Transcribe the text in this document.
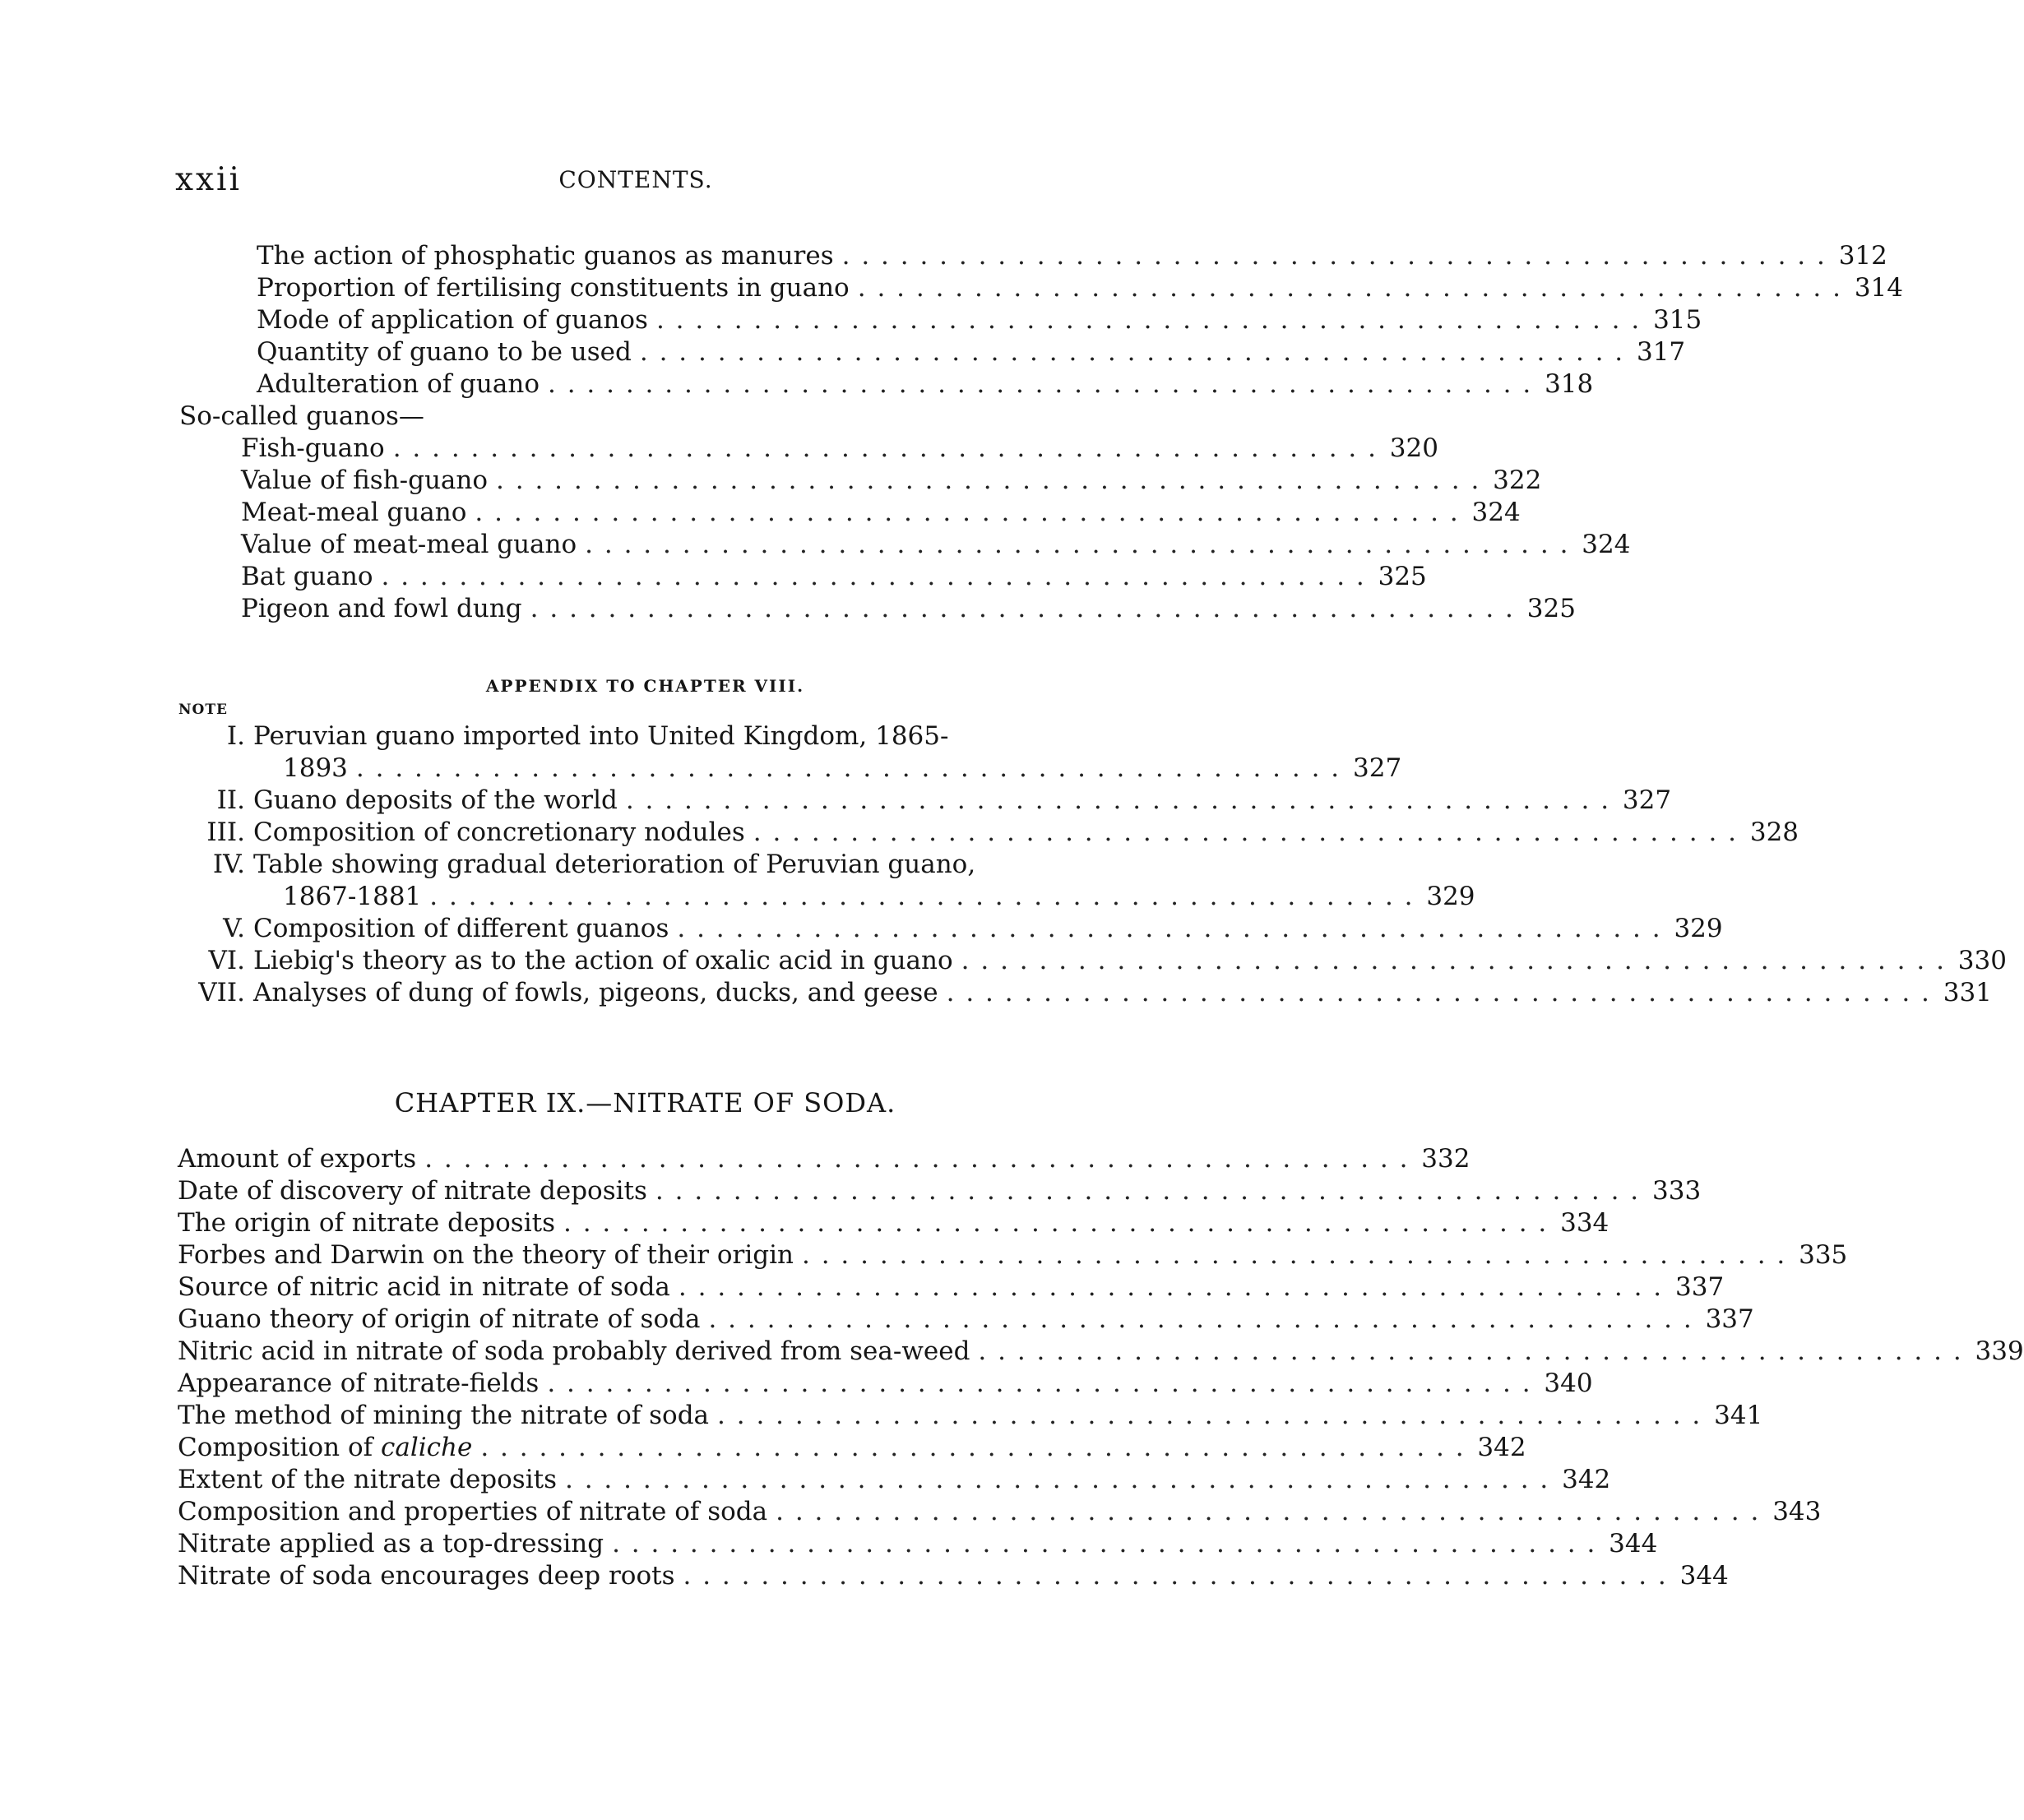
xxii	CONTENTS.
The action of phosphatic guanos as manures . . . . . . . . . . . . . . . . . . . . . . . . . . . . . . . . . . . . . . . . . . . . . . . . . . . 312
Proportion of fertilising constituents in guano . . . . . . . . . . . . . . . . . . . . . . . . . . . . . . . . . . . . . . . . . . . . . . . . . . . 314
Mode of application of guanos . . . . . . . . . . . . . . . . . . . . . . . . . . . . . . . . . . . . . . . . . . . . . . . . . . . 315
Quantity of guano to be used . . . . . . . . . . . . . . . . . . . . . . . . . . . . . . . . . . . . . . . . . . . . . . . . . . . 317
Adulteration of guano . . . . . . . . . . . . . . . . . . . . . . . . . . . . . . . . . . . . . . . . . . . . . . . . . . . 318
So-called guanos—
Fish-guano . . . . . . . . . . . . . . . . . . . . . . . . . . . . . . . . . . . . . . . . . . . . . . . . . . . 320
Value of fish-guano . . . . . . . . . . . . . . . . . . . . . . . . . . . . . . . . . . . . . . . . . . . . . . . . . . . 322
Meat-meal guano . . . . . . . . . . . . . . . . . . . . . . . . . . . . . . . . . . . . . . . . . . . . . . . . . . . 324
Value of meat-meal guano . . . . . . . . . . . . . . . . . . . . . . . . . . . . . . . . . . . . . . . . . . . . . . . . . . . 324
Bat guano . . . . . . . . . . . . . . . . . . . . . . . . . . . . . . . . . . . . . . . . . . . . . . . . . . . 325
Pigeon and fowl dung . . . . . . . . . . . . . . . . . . . . . . . . . . . . . . . . . . . . . . . . . . . . . . . . . . . 325
APPENDIX TO CHAPTER VIII.
NOTE
I. Peruvian guano imported into United Kingdom, 1865-
1893 . . . . . . . . . . . . . . . . . . . . . . . . . . . . . . . . . . . . . . . . . . . . . . . . . . . 327
II. Guano deposits of the world . . . . . . . . . . . . . . . . . . . . . . . . . . . . . . . . . . . . . . . . . . . . . . . . . . . 327
III. Composition of concretionary nodules . . . . . . . . . . . . . . . . . . . . . . . . . . . . . . . . . . . . . . . . . . . . . . . . . . . 328
IV. Table showing gradual deterioration of Peruvian guano,
1867-1881 . . . . . . . . . . . . . . . . . . . . . . . . . . . . . . . . . . . . . . . . . . . . . . . . . . . 329
V. Composition of different guanos . . . . . . . . . . . . . . . . . . . . . . . . . . . . . . . . . . . . . . . . . . . . . . . . . . . 329
VI. Liebig's theory as to the action of oxalic acid in guano . . . . . . . . . . . . . . . . . . . . . . . . . . . . . . . . . . . . . . . . . . . . . . . . . . . 330
VII. Analyses of dung of fowls, pigeons, ducks, and geese . . . . . . . . . . . . . . . . . . . . . . . . . . . . . . . . . . . . . . . . . . . . . . . . . . . 331
CHAPTER IX.—NITRATE OF SODA.
Amount of exports . . . . . . . . . . . . . . . . . . . . . . . . . . . . . . . . . . . . . . . . . . . . . . . . . . . 332
Date of discovery of nitrate deposits . . . . . . . . . . . . . . . . . . . . . . . . . . . . . . . . . . . . . . . . . . . . . . . . . . . 333
The origin of nitrate deposits . . . . . . . . . . . . . . . . . . . . . . . . . . . . . . . . . . . . . . . . . . . . . . . . . . . 334
Forbes and Darwin on the theory of their origin . . . . . . . . . . . . . . . . . . . . . . . . . . . . . . . . . . . . . . . . . . . . . . . . . . . 335
Source of nitric acid in nitrate of soda . . . . . . . . . . . . . . . . . . . . . . . . . . . . . . . . . . . . . . . . . . . . . . . . . . . 337
Guano theory of origin of nitrate of soda . . . . . . . . . . . . . . . . . . . . . . . . . . . . . . . . . . . . . . . . . . . . . . . . . . . 337
Nitric acid in nitrate of soda probably derived from sea-weed . . . . . . . . . . . . . . . . . . . . . . . . . . . . . . . . . . . . . . . . . . . . . . . . . . . 339
Appearance of nitrate-fields . . . . . . . . . . . . . . . . . . . . . . . . . . . . . . . . . . . . . . . . . . . . . . . . . . . 340
The method of mining the nitrate of soda . . . . . . . . . . . . . . . . . . . . . . . . . . . . . . . . . . . . . . . . . . . . . . . . . . . 341
Composition of caliche . . . . . . . . . . . . . . . . . . . . . . . . . . . . . . . . . . . . . . . . . . . . . . . . . . . 342
Extent of the nitrate deposits . . . . . . . . . . . . . . . . . . . . . . . . . . . . . . . . . . . . . . . . . . . . . . . . . . . 342
Composition and properties of nitrate of soda . . . . . . . . . . . . . . . . . . . . . . . . . . . . . . . . . . . . . . . . . . . . . . . . . . . 343
Nitrate applied as a top-dressing . . . . . . . . . . . . . . . . . . . . . . . . . . . . . . . . . . . . . . . . . . . . . . . . . . . 344
Nitrate of soda encourages deep roots . . . . . . . . . . . . . . . . . . . . . . . . . . . . . . . . . . . . . . . . . . . . . . . . . . . 344
